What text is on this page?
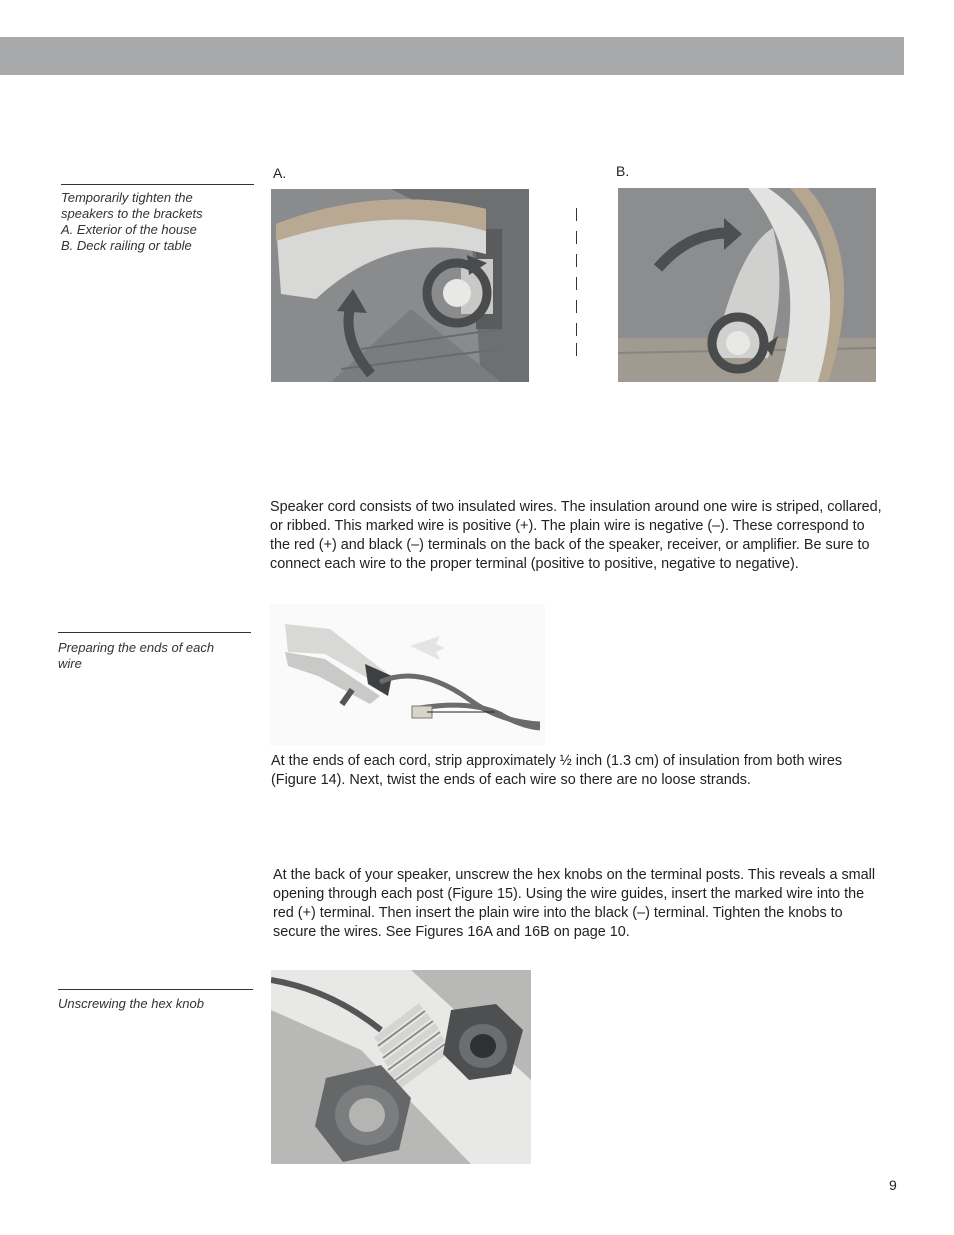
Temporarily tighten the
speakers to the brackets
A. Exterior of the house
B. Deck railing or table
A.	B.
Speaker cord consists of two insulated wires. The insulation around one wire is striped, collared, or ribbed. This marked wire is positive (+). The plain wire is negative (–). These correspond to the red (+) and black (–) terminals on the back of the speaker, receiver, or amplifier. Be sure to connect each wire to the proper terminal (positive to positive, negative to negative).
Preparing the ends of each wire
At the ends of each cord, strip approximately ½ inch (1.3 cm) of insulation from both wires (Figure 14). Next, twist the ends of each wire so there are no loose strands.
At the back of your speaker, unscrew the hex knobs on the terminal posts. This reveals a small opening through each post (Figure 15). Using the wire guides, insert the marked wire into the red (+) terminal. Then insert the plain wire into the black (–) terminal. Tighten the knobs to secure the wires. See Figures 16A and 16B on page 10.
Unscrewing the hex knob
9
